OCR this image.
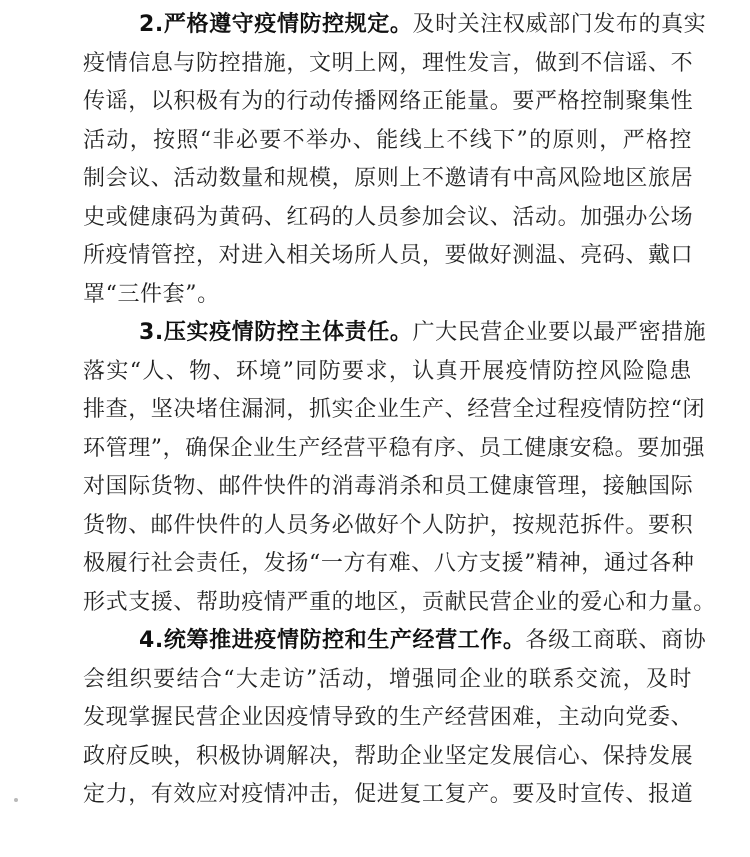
2.严格遵守疫情防控规定。及时关注权威部门发布的真实
疫情信息与防控措施，文明上网，理性发言，做到不信谣、不
传谣，以积极有为的行动传播网络正能量。要严格控制聚集性
活动，按照“非必要不举办、能线上不线下”的原则，严格控
制会议、活动数量和规模，原则上不邀请有中高风险地区旅居
史或健康码为黄码、红码的人员参加会议、活动。加强办公场
所疫情管控，对进入相关场所人员，要做好测温、亮码、戴口
罩“三件套”。
3.压实疫情防控主体责任。广大民营企业要以最严密措施
落实“人、物、环境”同防要求，认真开展疫情防控风险隐患
排查，坚决堵住漏洞，抓实企业生产、经营全过程疫情防控“闭
环管理”，确保企业生产经营平稳有序、员工健康安稳。要加强
对国际货物、邮件快件的消毒消杀和员工健康管理，接触国际
货物、邮件快件的人员务必做好个人防护，按规范拆件。要积
极履行社会责任，发扬“一方有难、八方支援”精神，通过各种
形式支援、帮助疫情严重的地区，贡献民营企业的爱心和力量。
4.统筹推进疫情防控和生产经营工作。各级工商联、商协
会组织要结合“大走访”活动，增强同企业的联系交流，及时
发现掌握民营企业因疫情导致的生产经营困难，主动向党委、
政府反映，积极协调解决，帮助企业坚定发展信心、保持发展
定力，有效应对疫情冲击，促进复工复产。要及时宣传、报道
